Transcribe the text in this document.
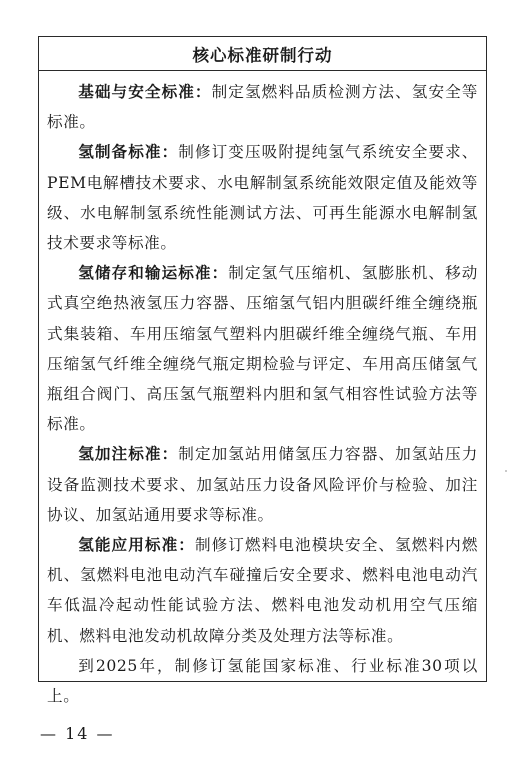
核心标准研制行动

基础与安全标准：制定氢燃料品质检测方法、氢安全等标准。

氢制备标准：制修订变压吸附提纯氢气系统安全要求、PEM电解槽技术要求、水电解制氢系统能效限定值及能效等级、水电解制氢系统性能测试方法、可再生能源水电解制氢技术要求等标准。

氢储存和输运标准：制定氢气压缩机、氢膨胀机、移动式真空绝热液氢压力容器、压缩氢气铝内胆碳纤维全缠绕瓶式集装箱、车用压缩氢气塑料内胆碳纤维全缠绕气瓶、车用压缩氢气纤维全缠绕气瓶定期检验与评定、车用高压储氢气瓶组合阀门、高压氢气瓶塑料内胆和氢气相容性试验方法等标准。

氢加注标准：制定加氢站用储氢压力容器、加氢站压力设备监测技术要求、加氢站压力设备风险评价与检验、加注协议、加氢站通用要求等标准。

氢能应用标准：制修订燃料电池模块安全、氢燃料内燃机、氢燃料电池电动汽车碰撞后安全要求、燃料电池电动汽车低温冷起动性能试验方法、燃料电池发动机用空气压缩机、燃料电池发动机故障分类及处理方法等标准。

到2025年，制修订氢能国家标准、行业标准30项以上。

— 14 —
